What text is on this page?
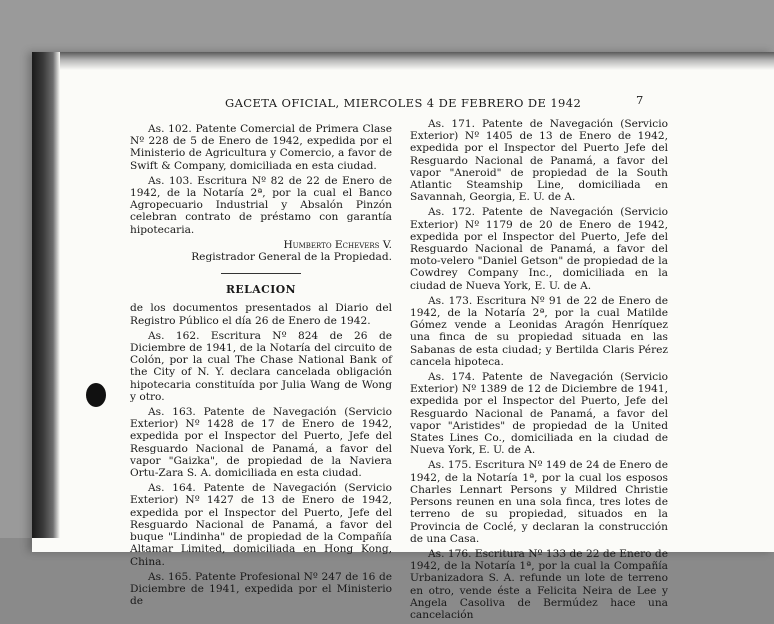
GACETA OFICIAL, MIERCOLES 4 DE FEBRERO DE 1942	7

As. 102. Patente Comercial de Primera Clase Nº 228 de 5 de Enero de 1942, expedida por el Ministerio de Agricultura y Comercio, a favor de Swift & Company, domiciliada en esta ciudad.

As. 103. Escritura Nº 82 de 22 de Enero de 1942, de la Notaría 2ª, por la cual el Banco Agropecuario Industrial y Absalón Pinzón celebran contrato de préstamo con garantía hipotecaria.

Humberto Echevers V.

Registrador General de la Propiedad.

RELACION

de los documentos presentados al Diario del Registro Público el día 26 de Enero de 1942.

As. 162. Escritura Nº 824 de 26 de Diciembre de 1941, de la Notaría del circuito de Colón, por la cual The Chase National Bank of the City of N. Y. declara cancelada obligación hipotecaria constituída por Julia Wang de Wong y otro.

As. 163. Patente de Navegación (Servicio Exterior) Nº 1428 de 17 de Enero de 1942, expedida por el Inspector del Puerto, Jefe del Resguardo Nacional de Panamá, a favor del vapor "Gaizka", de propiedad de la Naviera Ortu-Zara S. A. domiciliada en esta ciudad.

As. 164. Patente de Navegación (Servicio Exterior) Nº 1427 de 13 de Enero de 1942, expedida por el Inspector del Puerto, Jefe del Resguardo Nacional de Panamá, a favor del buque "Lindinha" de propiedad de la Compañía Altamar Limited, domiciliada en Hong Kong, China.

As. 165. Patente Profesional Nº 247 de 16 de Diciembre de 1941, expedida por el Ministerio de

As. 171. Patente de Navegación (Servicio Exterior) Nº 1405 de 13 de Enero de 1942, expedida por el Inspector del Puerto Jefe del Resguardo Nacional de Panamá, a favor del vapor "Aneroid" de propiedad de la South Atlantic Steamship Line, domiciliada en Savannah, Georgia, E. U. de A.

As. 172. Patente de Navegación (Servicio Exterior) Nº 1179 de 20 de Enero de 1942, expedida por el Inspector del Puerto, Jefe del Resguardo Nacional de Panamá, a favor del moto-velero "Daniel Getson" de propiedad de la Cowdrey Company Inc., domiciliada en la ciudad de Nueva York, E. U. de A.

As. 173. Escritura Nº 91 de 22 de Enero de 1942, de la Notaría 2ª, por la cual Matilde Gómez vende a Leonidas Aragón Henríquez una finca de su propiedad situada en las Sabanas de esta ciudad; y Bertilda Claris Pérez cancela hipoteca.

As. 174. Patente de Navegación (Servicio Exterior) Nº 1389 de 12 de Diciembre de 1941, expedida por el Inspector del Puerto, Jefe del Resguardo Nacional de Panamá, a favor del vapor "Aristides" de propiedad de la United States Lines Co., domiciliada en la ciudad de Nueva York, E. U. de A.

As. 175. Escritura Nº 149 de 24 de Enero de 1942, de la Notaría 1ª, por la cual los esposos Charles Lennart Persons y Mildred Christie Persons reunen en una sola finca, tres lotes de terreno de su propiedad, situados en la Provincia de Coclé, y declaran la construcción de una Casa.

As. 176. Escritura Nº 133 de 22 de Enero de 1942, de la Notaría 1ª, por la cual la Compañía Urbanizadora S. A. refunde un lote de terreno en otro, vende éste a Felicita Neira de Lee y Angela Casoliva de Bermúdez hace una cancelación
